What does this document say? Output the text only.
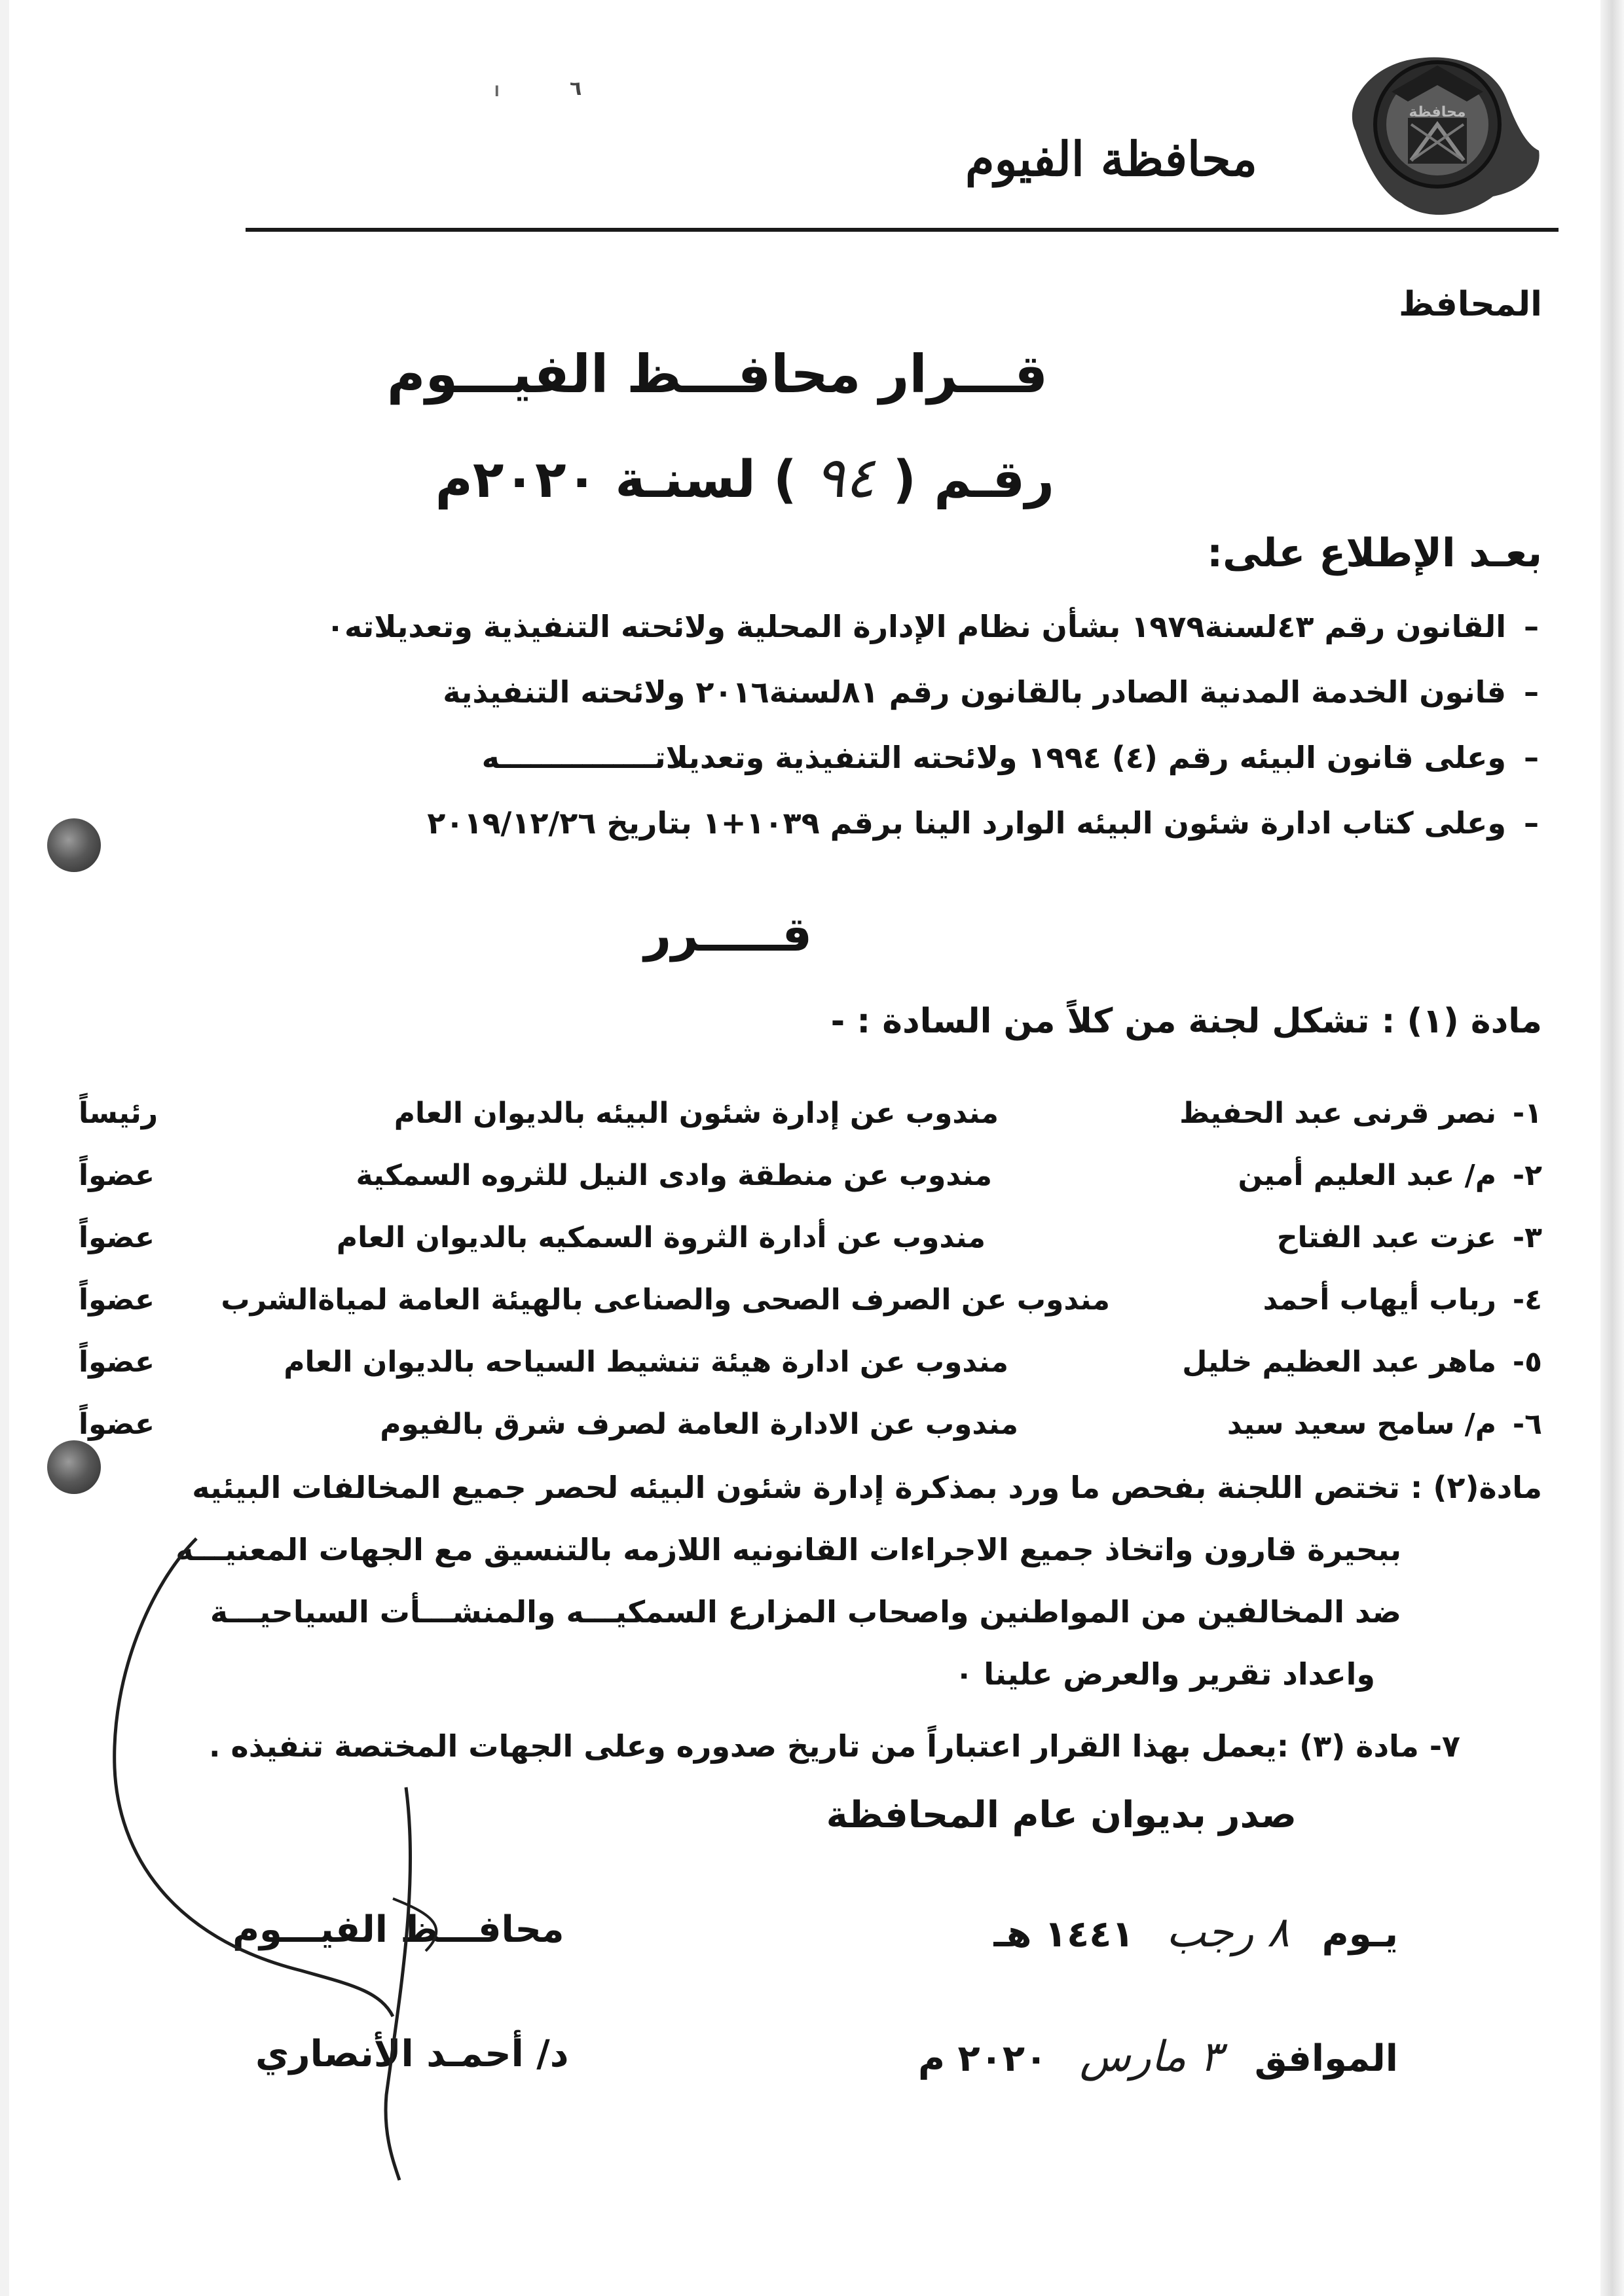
محافظة
٦
ا
محافظة الفيوم
المحافظ
قـــرار محافـــظ الفيـــوم
رقـم ( ٩٤ ) لسنـة ٢٠٢٠م
بعـد الإطلاع على:
–
القانون رقم ٤٣لسنة١٩٧٩ بشأن نظام الإدارة المحلية ولائحته التنفيذية وتعديلاته٠
–
قانون الخدمة المدنية الصادر بالقانون رقم ٨١لسنة٢٠١٦ ولائحته التنفيذية
–
وعلى قانون البيئه رقم (٤) ١٩٩٤ ولائحته التنفيذية وتعديلاتـــــــــــــــه
–
وعلى كتاب ادارة شئون البيئه الوارد الينا برقم ١٠٣٩+١ بتاريخ ٢٠١٩/١٢/٢٦
قـــــرر
مادة (١) : تشكل لجنة من كلاً من السادة : -
١-
نصر قرنى عبد الحفيظ
مندوب عن إدارة شئون البيئه بالديوان العام
رئيساً
٢-
م/ عبد العليم أمين
مندوب عن منطقة وادى النيل للثروه السمكية
عضواً
٣-
عزت عبد الفتاح
مندوب عن أدارة الثروة السمكيه بالديوان العام
عضواً
٤-
رباب أيهاب أحمد
مندوب عن الصرف الصحى والصناعى بالهيئة العامة لمياةالشرب
عضواً
٥-
ماهر عبد العظيم خليل
مندوب عن ادارة هيئة تنشيط السياحه بالديوان العام
عضواً
٦-
م/ سامح سعيد سيد
مندوب عن الادارة العامة لصرف شرق بالفيوم
عضواً
مادة(٢) : تختص اللجنة بفحص ما ورد بمذكرة إدارة شئون البيئه لحصر جميع المخالفات البيئيه
ببحيرة قارون واتخاذ جميع الاجراءات القانونيه اللازمه بالتنسيق مع الجهات المعنيـــه
ضد المخالفين من المواطنين واصحاب المزارع السمكيـــه والمنشـــأت السياحيـــة
واعداد تقرير والعرض علينا ٠
٧- مادة (٣) :يعمل بهذا القرار اعتباراً من تاريخ صدوره وعلى الجهات المختصة تنفيذه .
صدر بديوان عام المحافظة
يـوم ٨ رجب ١٤٤١ هـ
الموافق ٣ مارس ٢٠٢٠ م
محافـــظ الفيـــوم
د/ أحمـد الأنصاري
